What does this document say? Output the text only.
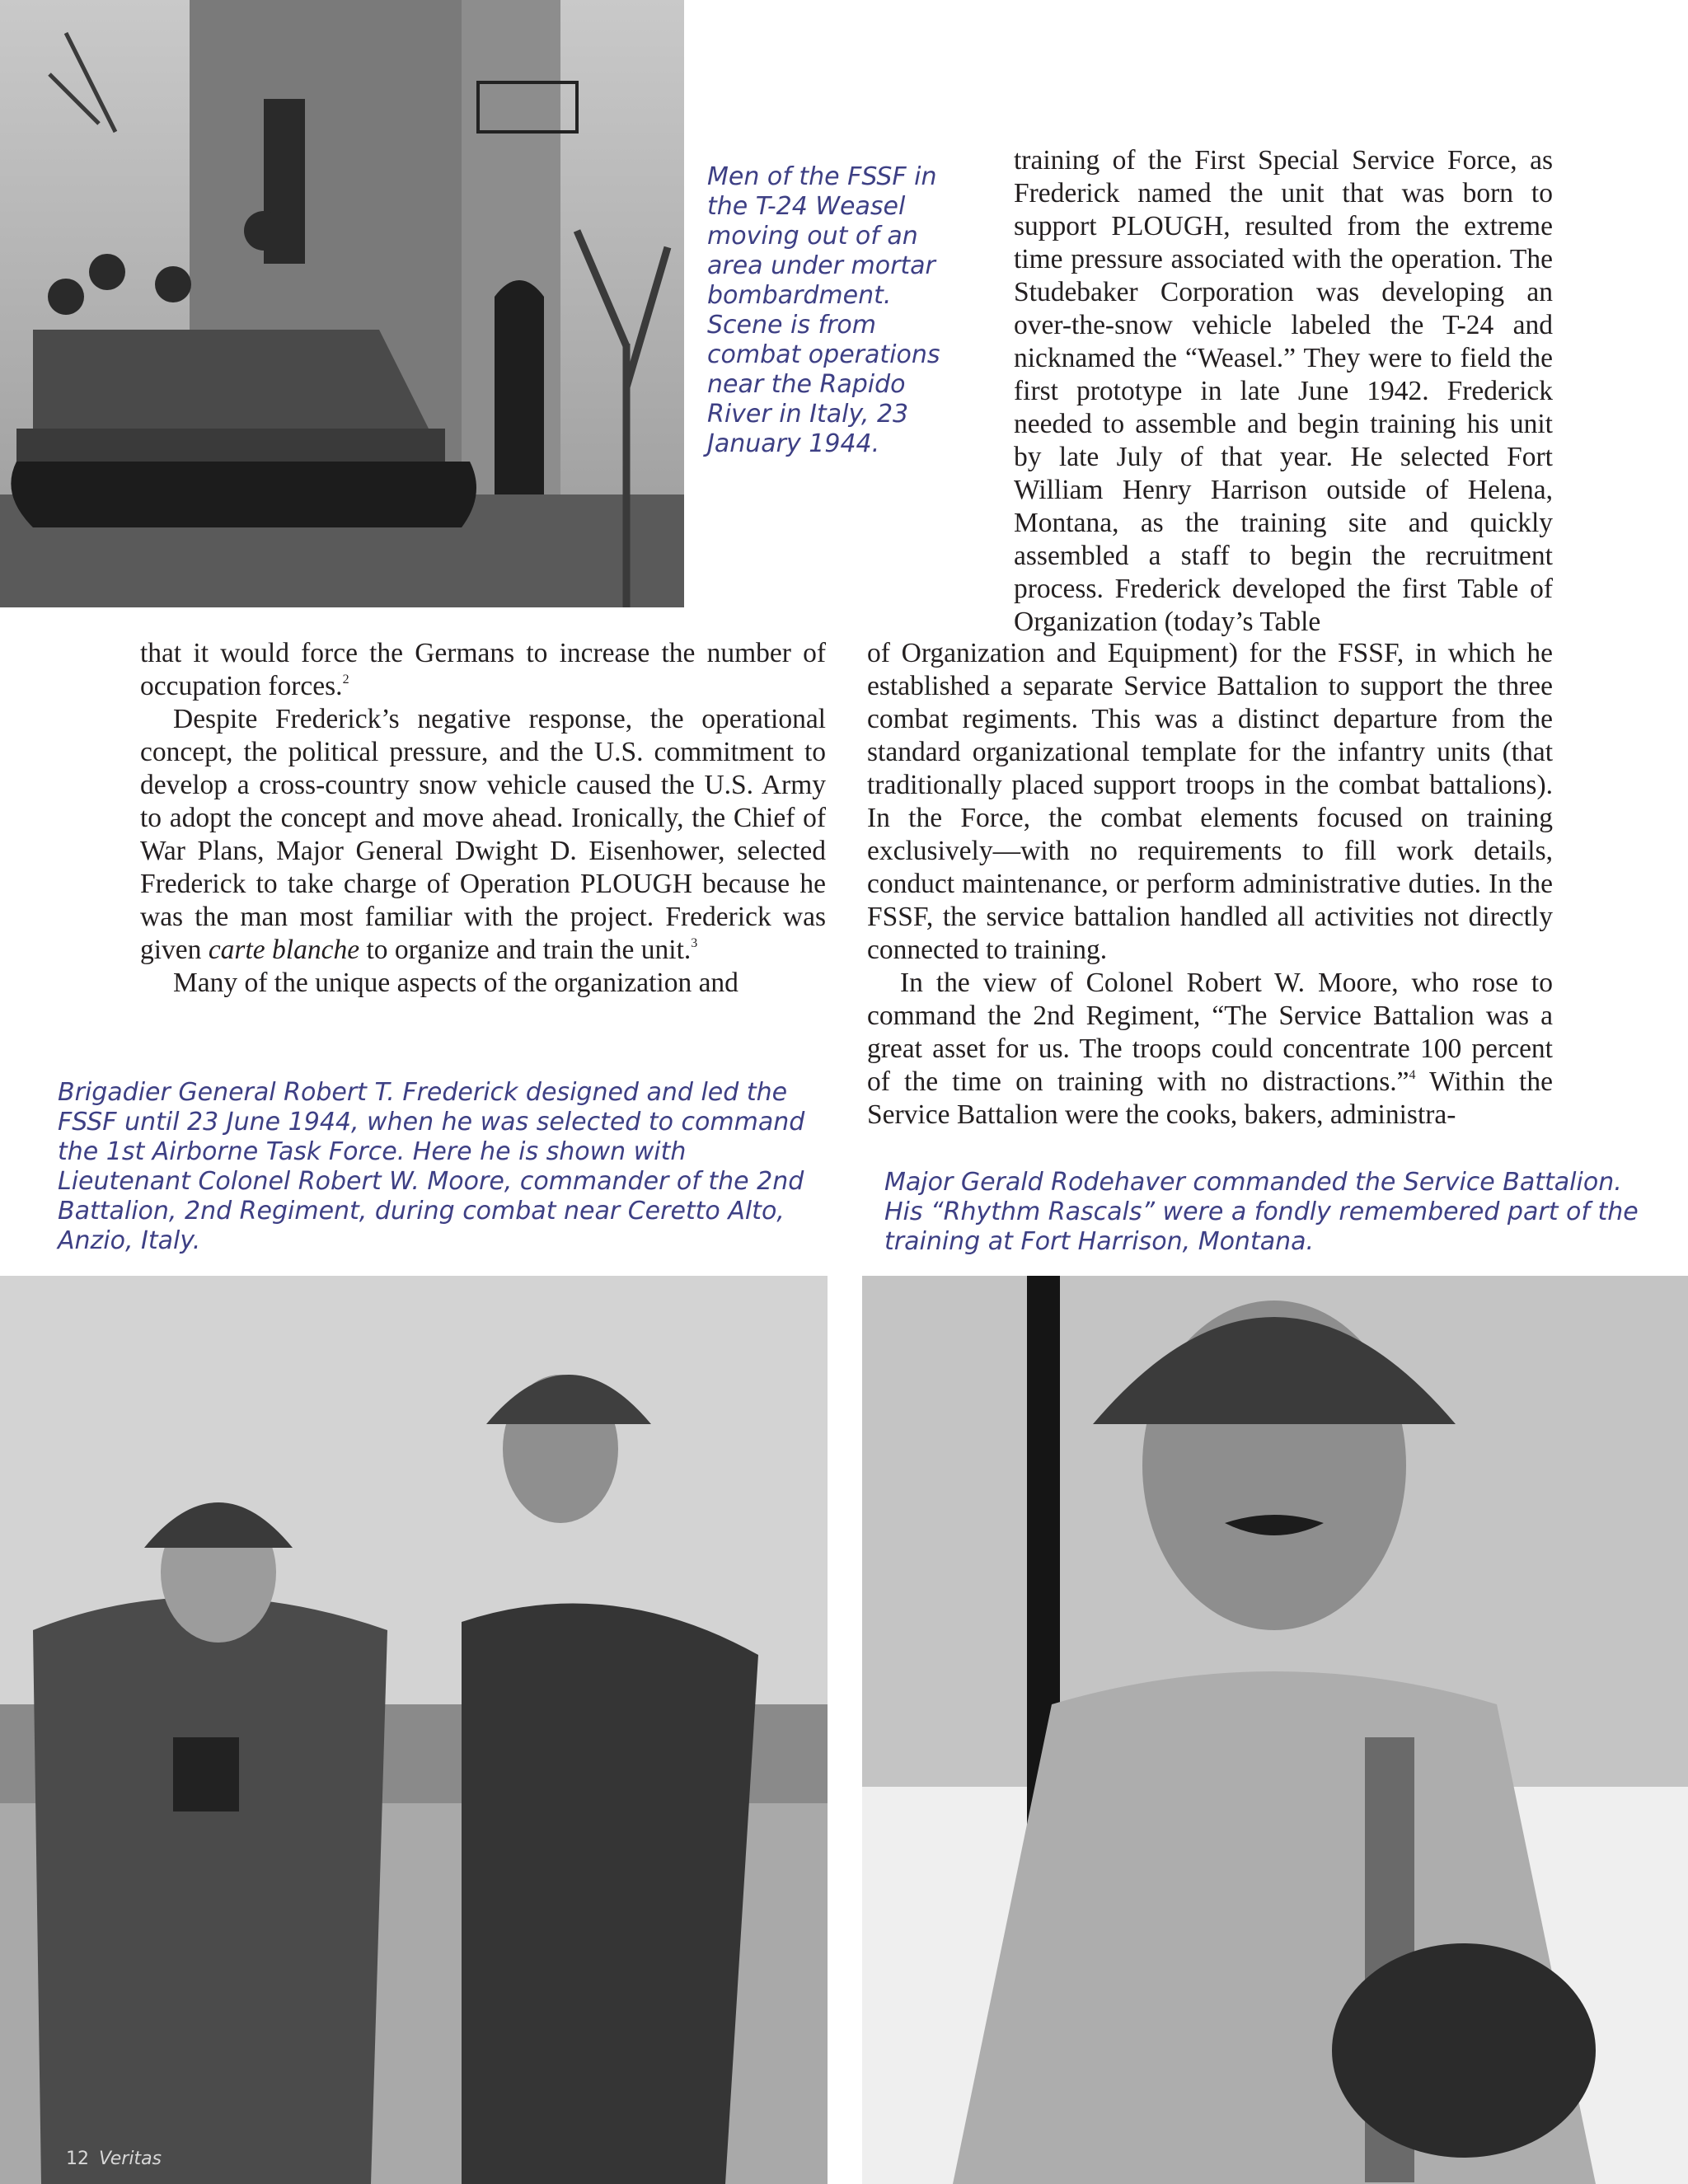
Men of the FSSF in the T-24 Weasel moving out of an area under mortar bombardment. Scene is from combat operations near the Rapido River in Italy, 23 January 1944.

training of the First Special Service Force, as Frederick named the unit that was born to support PLOUGH, resulted from the extreme time pressure associated with the operation. The Studebaker Corporation was developing an over-the-snow vehicle labeled the T-24 and nicknamed the “Weasel.” They were to field the first prototype in late June 1942. Frederick needed to assemble and begin training his unit by late July of that year. He selected Fort William Henry Harrison outside of Helena, Montana, as the training site and quickly assembled a staff to begin the recruitment process. Frederick developed the first Table of Organization (today’s Table

that it would force the Germans to increase the number of occupation forces.$^2$

Despite Frederick’s negative response, the operational concept, the political pressure, and the U.S. commitment to develop a cross-country snow vehicle caused the U.S. Army to adopt the concept and move ahead. Ironically, the Chief of War Plans, Major General Dwight D. Eisenhower, selected Frederick to take charge of Operation PLOUGH because he was the man most familiar with the project. Frederick was given carte blanche to organize and train the unit.$^3$

Many of the unique aspects of the organization and

of Organization and Equipment) for the FSSF, in which he established a separate Service Battalion to support the three combat regiments. This was a distinct departure from the standard organizational template for the infantry units (that traditionally placed support troops in the combat battalions). In the Force, the combat elements focused on training exclusively—with no requirements to fill work details, conduct maintenance, or perform administrative duties. In the FSSF, the service battalion handled all activities not directly connected to training.

In the view of Colonel Robert W. Moore, who rose to command the 2nd Regiment, “The Service Battalion was a great asset for us. The troops could concentrate 100 percent of the time on training with no distractions.”$^4$ Within the Service Battalion were the cooks, bakers, administra-

Brigadier General Robert T. Frederick designed and led the FSSF until 23 June 1944, when he was selected to command the 1st Airborne Task Force. Here he is shown with Lieutenant Colonel Robert W. Moore, commander of the 2nd Battalion, 2nd Regiment, during combat near Ceretto Alto, Anzio, Italy.

Major Gerald Rodehaver commanded the Service Battalion. His “Rhythm Rascals” were a fondly remembered part of the training at Fort Harrison, Montana.

12 Veritas
